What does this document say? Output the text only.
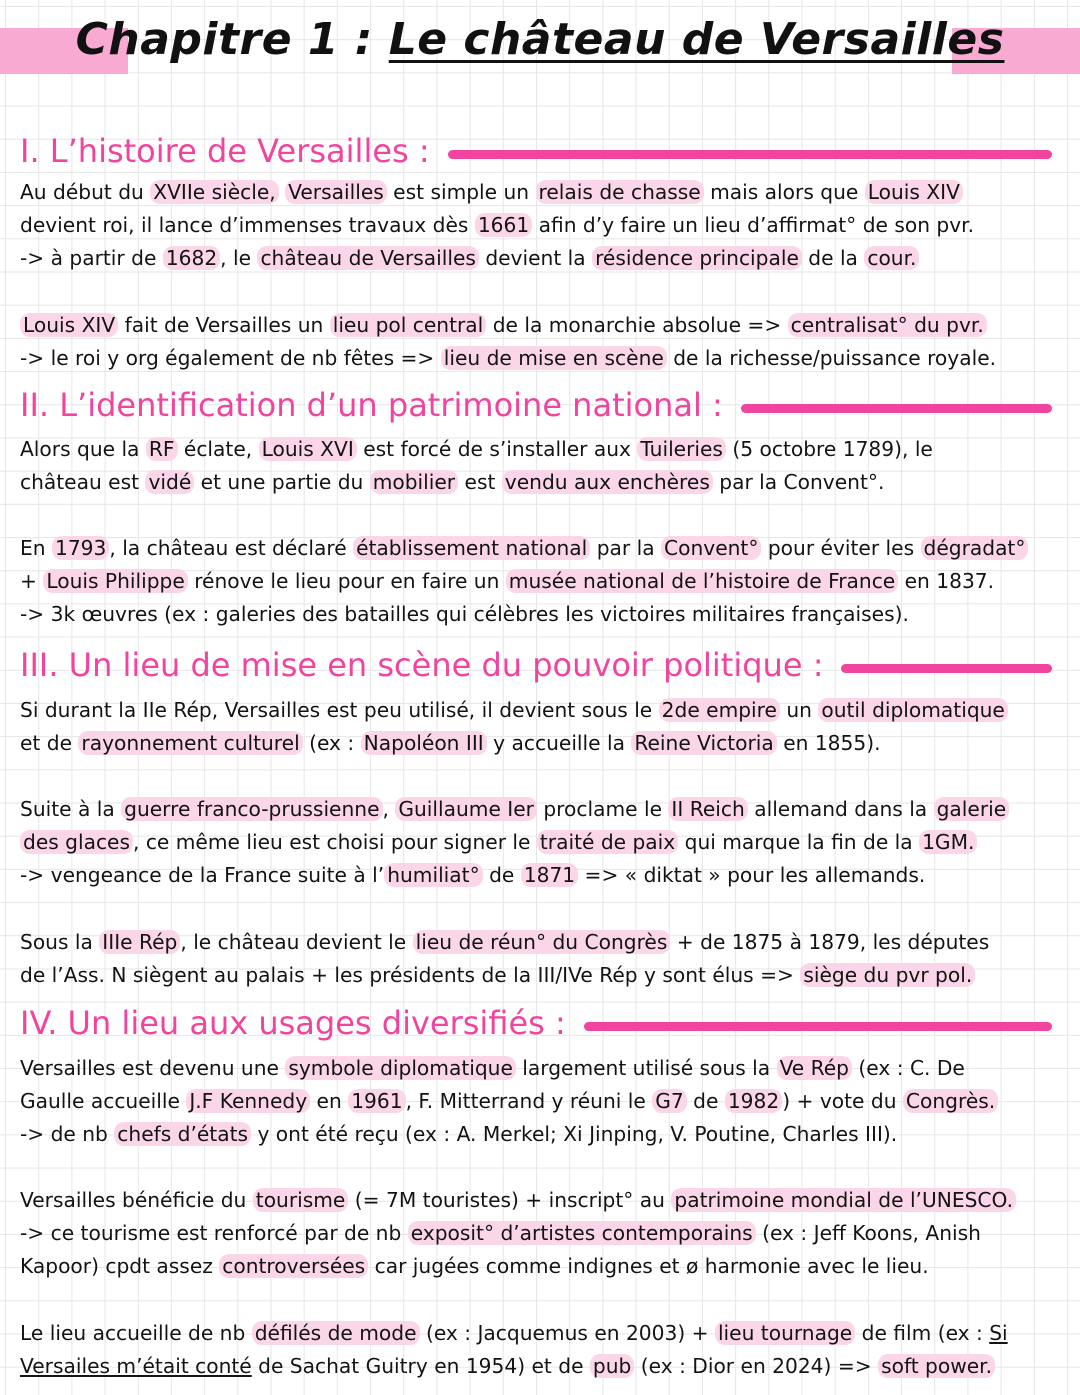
Chapitre 1 : Le château de Versailles
I. L’histoire de Versailles :

Au début du XVIIe siècle, Versailles est simple un relais de chasse mais alors que Louis XIV
devient roi, il lance d’immenses travaux dès 1661 afin d’y faire un lieu d’affirmat° de son pvr.
-> à partir de 1682 , le château de Versailles devient la résidence principale de la cour.

Louis XIV fait de Versailles un lieu pol central de la monarchie absolue => centralisat° du pvr.
-> le roi y org également de nb fêtes => lieu de mise en scène de la richesse/puissance royale.

II. L’identification d’un patrimoine national :

Alors que la RF éclate, Louis XVI est forcé de s’installer aux Tuileries (5 octobre 1789), le
château est vidé et une partie du mobilier est vendu aux enchères par la Convent°.

En 1793 , la château est déclaré établissement national par la Convent° pour éviter les dégradat°
+ Louis Philippe rénove le lieu pour en faire un musée national de l’histoire de France en 1837.
-> 3k œuvres (ex : galeries des batailles qui célèbres les victoires militaires françaises).

III. Un lieu de mise en scène du pouvoir politique :

Si durant la IIe Rép, Versailles est peu utilisé, il devient sous le 2de empire un outil diplomatique
et de rayonnement culturel (ex : Napoléon III y accueille la Reine Victoria en 1855).

Suite à la guerre franco-prussienne , Guillaume Ier proclame le II Reich allemand dans la galerie
des glaces , ce même lieu est choisi pour signer le traité de paix qui marque la fin de la 1GM.
-> vengeance de la France suite à l’ humiliat° de 1871 => « diktat » pour les allemands.

Sous la IIIe Rép , le château devient le lieu de réun° du Congrès + de 1875 à 1879, les députes
de l’Ass. N siègent au palais + les présidents de la III/IVe Rép y sont élus => siège du pvr pol.

IV. Un lieu aux usages diversifiés :

Versailles est devenu une symbole diplomatique largement utilisé sous la Ve Rép (ex : C. De
Gaulle accueille J.F Kennedy en 1961 , F. Mitterrand y réuni le G7 de 1982 ) + vote du Congrès.
-> de nb chefs d’états y ont été reçu (ex : A. Merkel; Xi Jinping, V. Poutine, Charles III).

Versailles bénéficie du tourisme (= 7M touristes) + inscript° au patrimoine mondial de l’UNESCO.
-> ce tourisme est renforcé par de nb exposit° d’artistes contemporains (ex : Jeff Koons, Anish
Kapoor) cpdt assez controversées car jugées comme indignes et ø harmonie avec le lieu.

Le lieu accueille de nb défilés de mode (ex : Jacquemus en 2003) + lieu tournage de film (ex : Si
Versailes m’était conté de Sachat Guitry en 1954) et de pub (ex : Dior en 2024) => soft power.
